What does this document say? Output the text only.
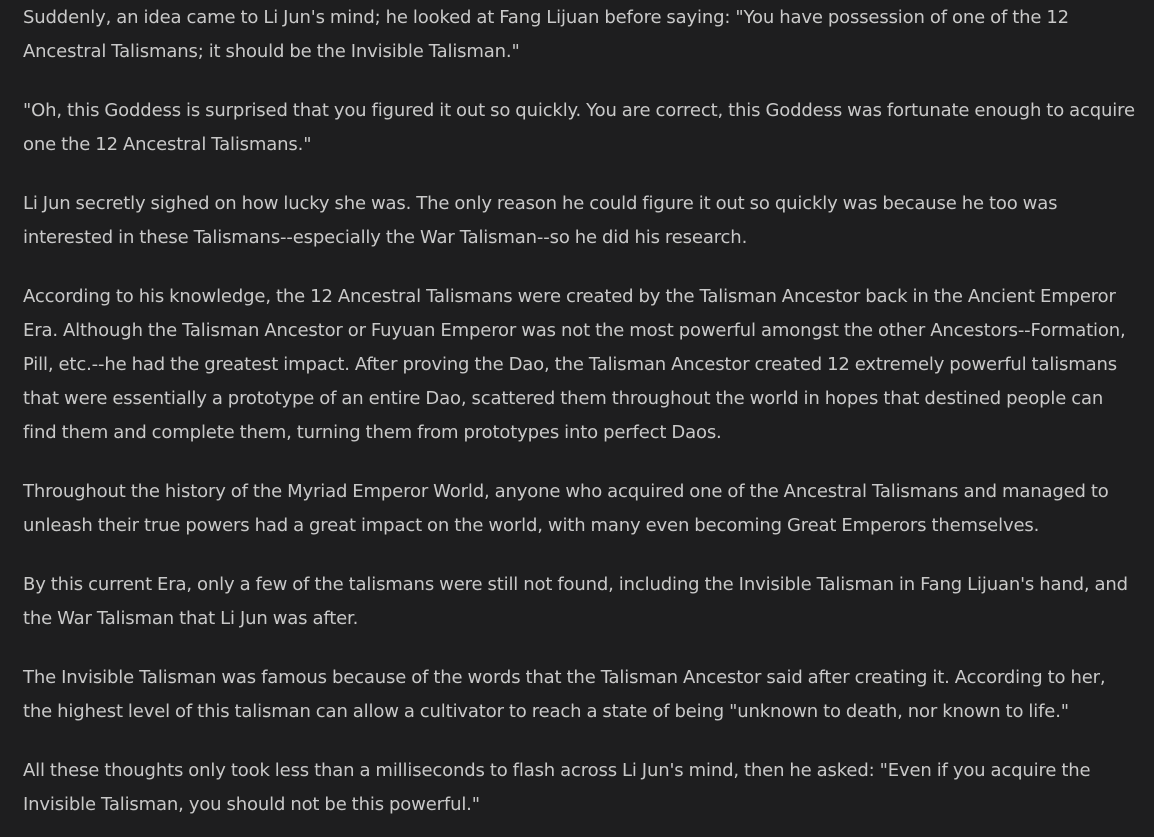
Suddenly, an idea came to Li Jun's mind; he looked at Fang Lijuan before saying: "You have possession of one of the 12 Ancestral Talismans; it should be the Invisible Talisman."

"Oh, this Goddess is surprised that you figured it out so quickly. You are correct, this Goddess was fortunate enough to acquire one the 12 Ancestral Talismans."

Li Jun secretly sighed on how lucky she was. The only reason he could figure it out so quickly was because he too was interested in these Talismans--especially the War Talisman--so he did his research.

According to his knowledge, the 12 Ancestral Talismans were created by the Talisman Ancestor back in the Ancient Emperor Era. Although the Talisman Ancestor or Fuyuan Emperor was not the most powerful amongst the other Ancestors--Formation, Pill, etc.--he had the greatest impact. After proving the Dao, the Talisman Ancestor created 12 extremely powerful talismans that were essentially a prototype of an entire Dao, scattered them throughout the world in hopes that destined people can find them and complete them, turning them from prototypes into perfect Daos.

Throughout the history of the Myriad Emperor World, anyone who acquired one of the Ancestral Talismans and managed to unleash their true powers had a great impact on the world, with many even becoming Great Emperors themselves.

By this current Era, only a few of the talismans were still not found, including the Invisible Talisman in Fang Lijuan's hand, and the War Talisman that Li Jun was after.

The Invisible Talisman was famous because of the words that the Talisman Ancestor said after creating it. According to her, the highest level of this talisman can allow a cultivator to reach a state of being "unknown to death, nor known to life."

All these thoughts only took less than a milliseconds to flash across Li Jun's mind, then he asked: "Even if you acquire the Invisible Talisman, you should not be this powerful."
